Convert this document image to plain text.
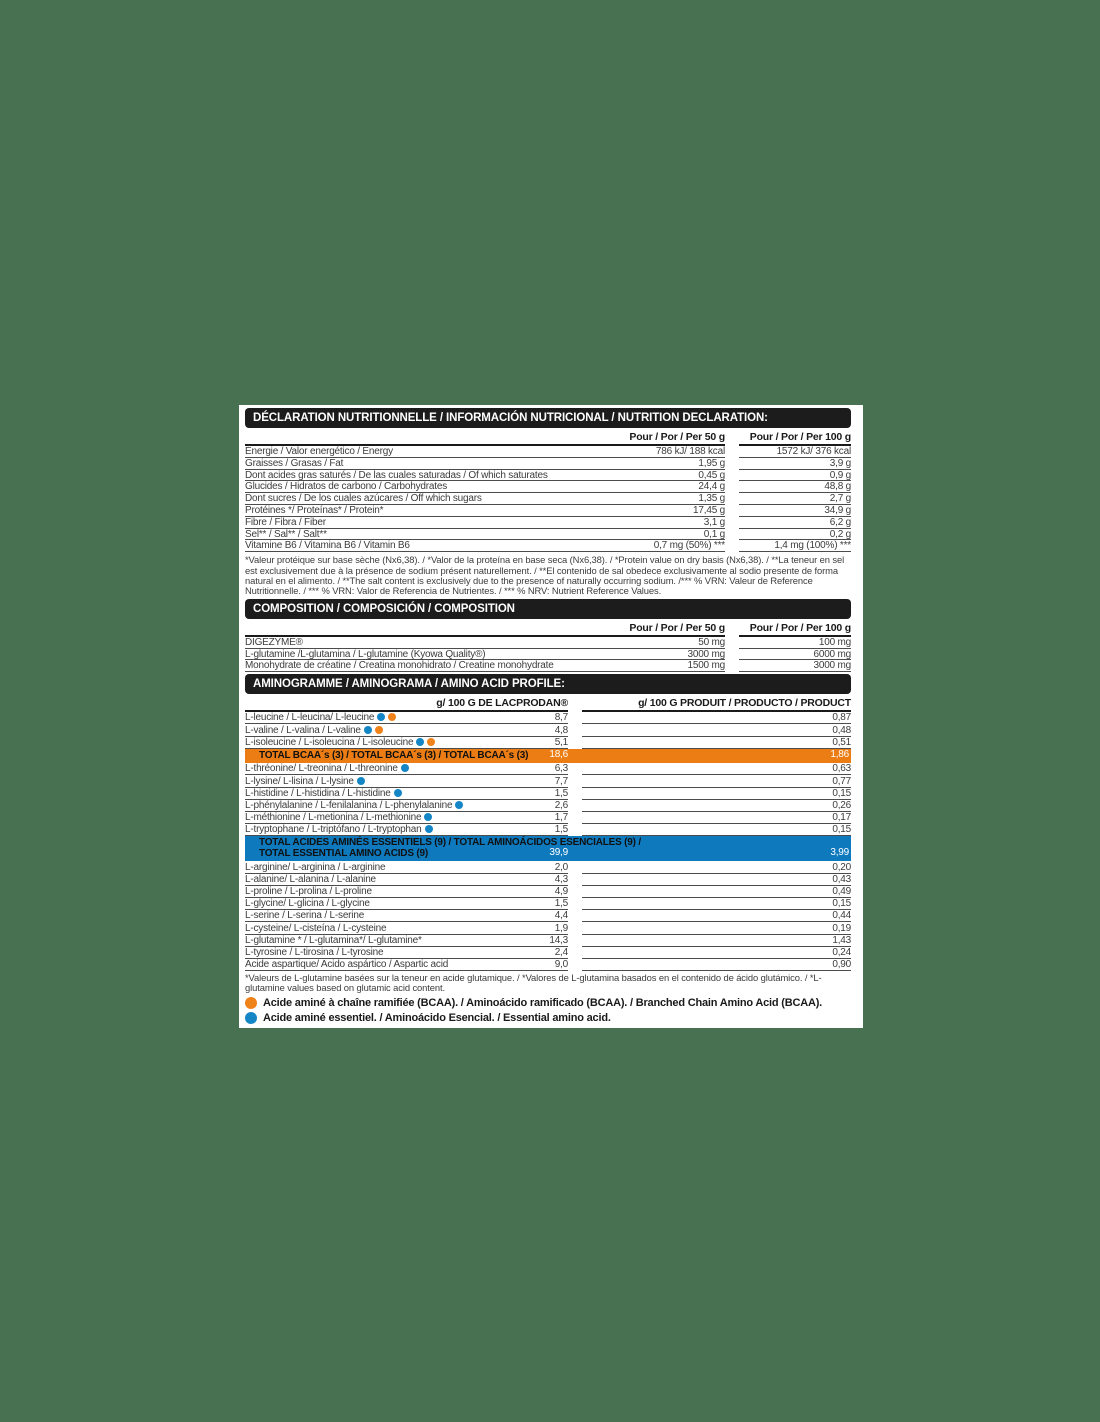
DÉCLARATION NUTRITIONNELLE / INFORMACIÓN NUTRICIONAL / NUTRITION DECLARATION:
Pour / Por / Per 50 g	Pour / Por / Per 100 g
Énergie / Valor energético / Energy	786 kJ/ 188 kcal	1572 kJ/ 376 kcal
Graisses / Grasas / Fat	1,95 g	3,9 g
Dont acides gras saturés / De las cuales saturadas / Of which saturates	0,45 g	0,9 g
Glucides / Hidratos de carbono / Carbohydrates	24,4 g	48,8 g
Dont sucres / De los cuales azúcares / Off which sugars	1,35 g	2,7 g
Protéines */ Proteínas* / Protein*	17,45 g	34,9 g
Fibre / Fibra / Fiber	3,1 g	6,2 g
Sel** / Sal** / Salt**	0,1 g	0,2 g
Vitamine B6 / Vitamina B6 / Vitamin B6	0,7 mg (50%) ***	1,4 mg (100%) ***

*Valeur protéique sur base sèche (Nx6,38). / *Valor de la proteína en base seca (Nx6,38). / *Protein value on dry basis (Nx6,38). / **La teneur en sel est exclusivement due à la présence de sodium présent naturellement. / **El contenido de sal obedece exclusivamente al sodio presente de forma natural en el alimento. / **The salt content is exclusively due to the presence of naturally occurring sodium. /*** % VRN: Valeur de Reference Nutritionnelle. / *** % VRN: Valor de Referencia de Nutrientes. / *** % NRV: Nutrient Reference Values.

COMPOSITION / COMPOSICIÓN / COMPOSITION
Pour / Por / Per 50 g	Pour / Por / Per 100 g
DIGEZYME®	50 mg	100 mg
L-glutamine /L-glutamina / L-glutamine (Kyowa Quality®)	3000 mg	6000 mg
Monohydrate de créatine / Creatina monohidrato / Creatine monohydrate	1500 mg	3000 mg
AMINOGRAMME / AMINOGRAMA / AMINO ACID PROFILE:
g/ 100 G DE LACPRODAN®	g/ 100 G PRODUIT / PRODUCTO / PRODUCT
L-leucine / L-leucina/ L-leucine	8,7	0,87
L-valine / L-valina / L-valine	4,8	0,48
L-isoleucine / L-isoleucina / L-isoleucine	5,1	0,51
TOTAL BCAA´s (3) / TOTAL BCAA´s (3) / TOTAL BCAA´s (3)	18,6	1,86
L-thréonine/ L-treonina / L-threonine	6,3	0,63
L-lysine/ L-lisina / L-lysine	7,7	0,77
L-histidine / L-histidina / L-histidine	1,5	0,15
L-phénylalanine / L-fenilalanina / L-phenylalanine	2,6	0,26
L-méthionine / L-metionina / L-methionine	1,7	0,17
L-tryptophane / L-triptófano / L-tryptophan	1,5	0,15
TOTAL ACIDES AMINÉS ESSENTIELS (9) / TOTAL AMINOÁCIDOS ESENCIALES (9) /
TOTAL ESSENTIAL AMINO ACIDS (9)	39,9	3,99
L-arginine/ L-arginina / L-arginine	2,0	0,20
L-alanine/ L-alanina / L-alanine	4,3	0,43
L-proline / L-prolina / L-proline	4,9	0,49
L-glycine/ L-glicina / L-glycine	1,5	0,15
L-serine / L-serina / L-serine	4,4	0,44
L-cysteine/ L-cisteína / L-cysteine	1,9	0,19
L-glutamine * / L-glutamina*/ L-glutamine*	14,3	1,43
L-tyrosine / L-tirosina / L-tyrosine	2,4	0,24
Acide aspartique/ Acido aspártico / Aspartic acid	9,0	0,90

*Valeurs de L-glutamine basées sur la teneur en acide glutamique. / *Valores de L-glutamina basados en el contenido de ácido glutámico. / *L-glutamine values based on glutamic acid content.

Acide aminé à chaîne ramifiée (BCAA). / Aminoácido ramificado (BCAA). / Branched Chain Amino Acid (BCAA).
Acide aminé essentiel. / Aminoácido Esencial. / Essential amino acid.
